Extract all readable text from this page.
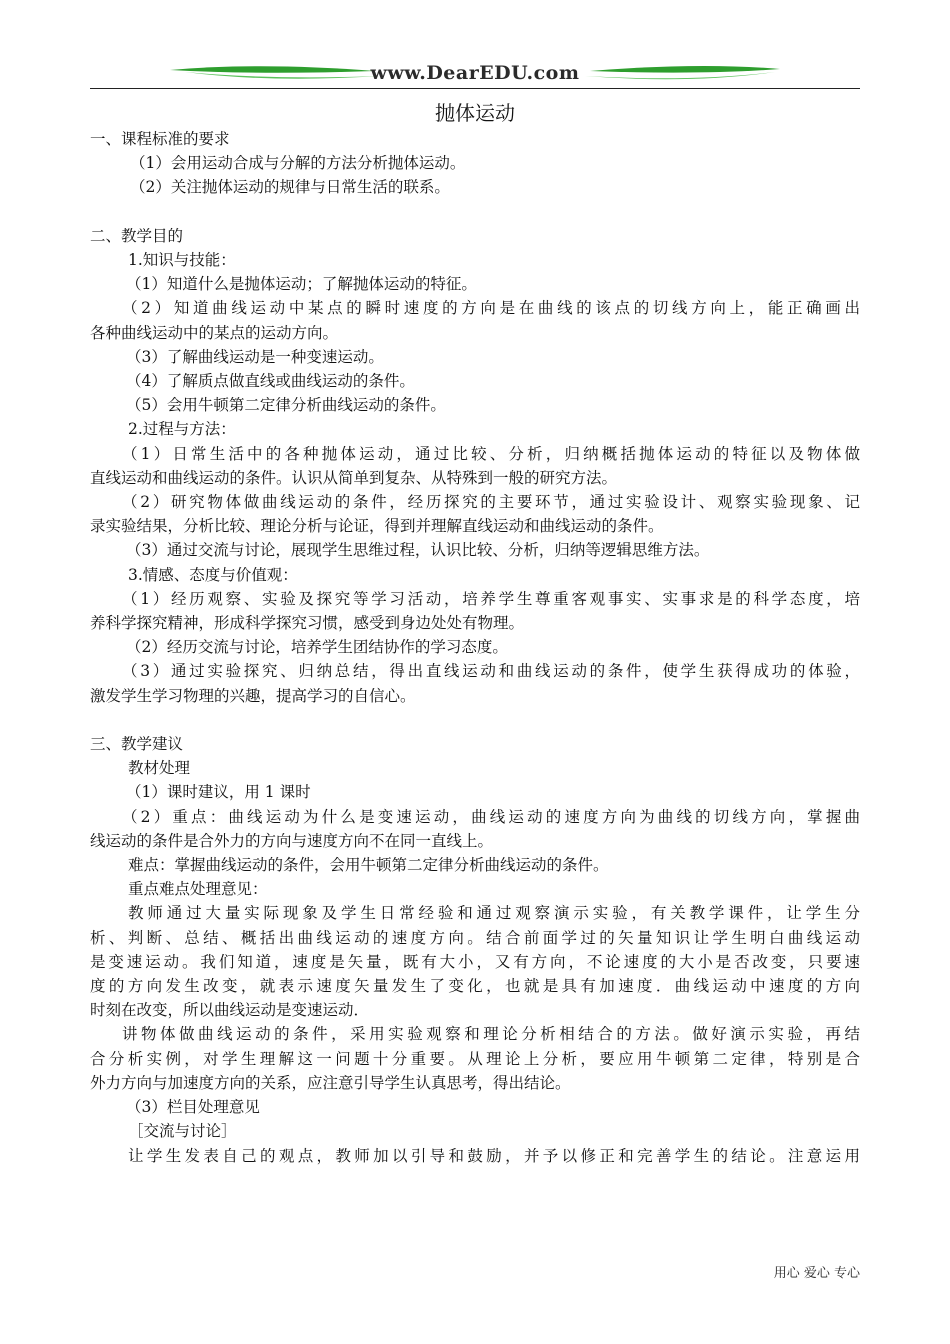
www.DearEDU.com
抛体运动
一、课程标准的要求
（1）会用运动合成与分解的方法分析抛体运动。
（2）关注抛体运动的规律与日常生活的联系。
二、教学目的
1.知识与技能：
（1）知道什么是抛体运动；了解抛体运动的特征。
（2）知道曲线运动中某点的瞬时速度的方向是在曲线的该点的切线方向上，能正确画出
各种曲线运动中的某点的运动方向。
（3）了解曲线运动是一种变速运动。
（4）了解质点做直线或曲线运动的条件。
（5）会用牛顿第二定律分析曲线运动的条件。
2.过程与方法：
（1）日常生活中的各种抛体运动，通过比较、分析，归纳概括抛体运动的特征以及物体做
直线运动和曲线运动的条件。认识从简单到复杂、从特殊到一般的研究方法。
（2）研究物体做曲线运动的条件，经历探究的主要环节，通过实验设计、观察实验现象、记
录实验结果，分析比较、理论分析与论证，得到并理解直线运动和曲线运动的条件。
（3）通过交流与讨论，展现学生思维过程，认识比较、分析，归纳等逻辑思维方法。
3.情感、态度与价值观：
（1）经历观察、实验及探究等学习活动，培养学生尊重客观事实、实事求是的科学态度，培
养科学探究精神，形成科学探究习惯，感受到身边处处有物理。
（2）经历交流与讨论，培养学生团结协作的学习态度。
（3）通过实验探究、归纳总结，得出直线运动和曲线运动的条件，使学生获得成功的体验，
激发学生学习物理的兴趣，提高学习的自信心。
三、教学建议
教材处理
（1）课时建议，用 1 课时
（2）重点：曲线运动为什么是变速运动，曲线运动的速度方向为曲线的切线方向，掌握曲
线运动的条件是合外力的方向与速度方向不在同一直线上。
难点：掌握曲线运动的条件，会用牛顿第二定律分析曲线运动的条件。
重点难点处理意见：
教师通过大量实际现象及学生日常经验和通过观察演示实验，有关教学课件，让学生分
析、判断、总结、概括出曲线运动的速度方向。结合前面学过的矢量知识让学生明白曲线运动
是变速运动。我们知道，速度是矢量，既有大小，又有方向，不论速度的大小是否改变，只要速
度的方向发生改变，就表示速度矢量发生了变化，也就是具有加速度．曲线运动中速度的方向
时刻在改变，所以曲线运动是变速运动．
讲物体做曲线运动的条件，采用实验观察和理论分析相结合的方法。做好演示实验，再结
合分析实例，对学生理解这一问题十分重要。从理论上分析，要应用牛顿第二定律，特别是合
外力方向与加速度方向的关系，应注意引导学生认真思考，得出结论。
（3）栏目处理意见
［交流与讨论］
让学生发表自己的观点，教师加以引导和鼓励，并予以修正和完善学生的结论。注意运用
用心 爱心 专心
